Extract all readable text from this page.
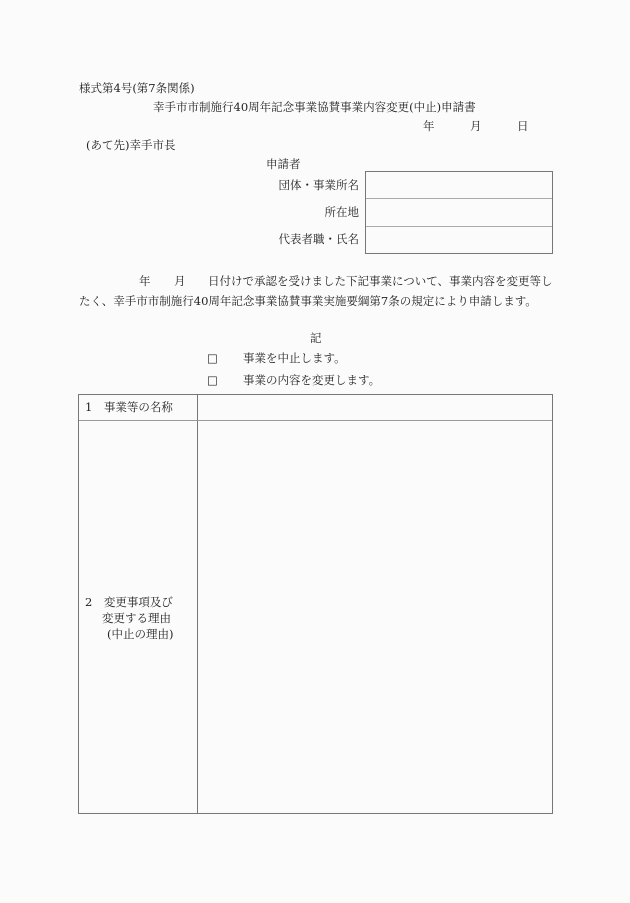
様式第4号(第7条関係)
幸手市市制施行40周年記念事業協賛事業内容変更(中止)申請書
年	月	日
(あて先)幸手市長
申請者
団体・事業所名
所在地
代表者職・氏名
年 月 日付けで承認を受けました下記事業について、事業内容を変更等し
たく、幸手市市制施行40周年記念事業協賛事業実施要綱第7条の規定により申請します。
記
□ 事業を中止します。
□ 事業の内容を変更します。
1　事業等の名称
2　変更事項及び
変更する理由
(中止の理由)
